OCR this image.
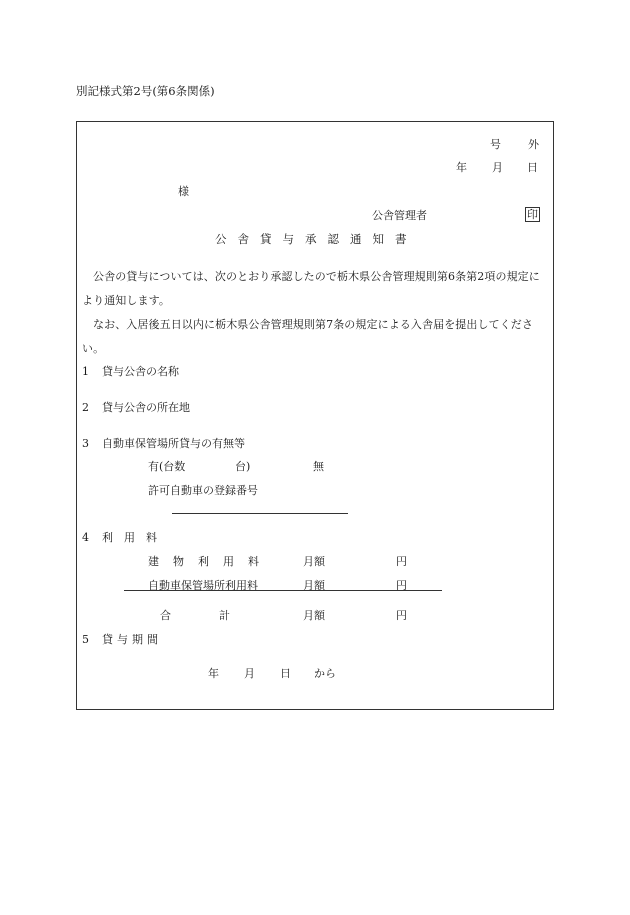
別記様式第2号(第6条関係)
号 外
年 月 日
様
公舎管理者	印
公舎貸与承認通知書
公舎の貸与については、次のとおり承認したので栃木県公舎管理規則第6条第2項の規定により通知します。
なお、入居後五日以内に栃木県公舎管理規則第7条の規定による入舎届を提出してください。
1 貸与公舎の名称
2 貸与公舎の所在地
3 自動車保管場所貸与の有無等
有(台数	台)	無
許可自動車の登録番号
4 利用料
建物利用料	月額	円
自動車保管場所利用料	月額	円
合計 月額	円
5 貸与期間
年 月 日 から
